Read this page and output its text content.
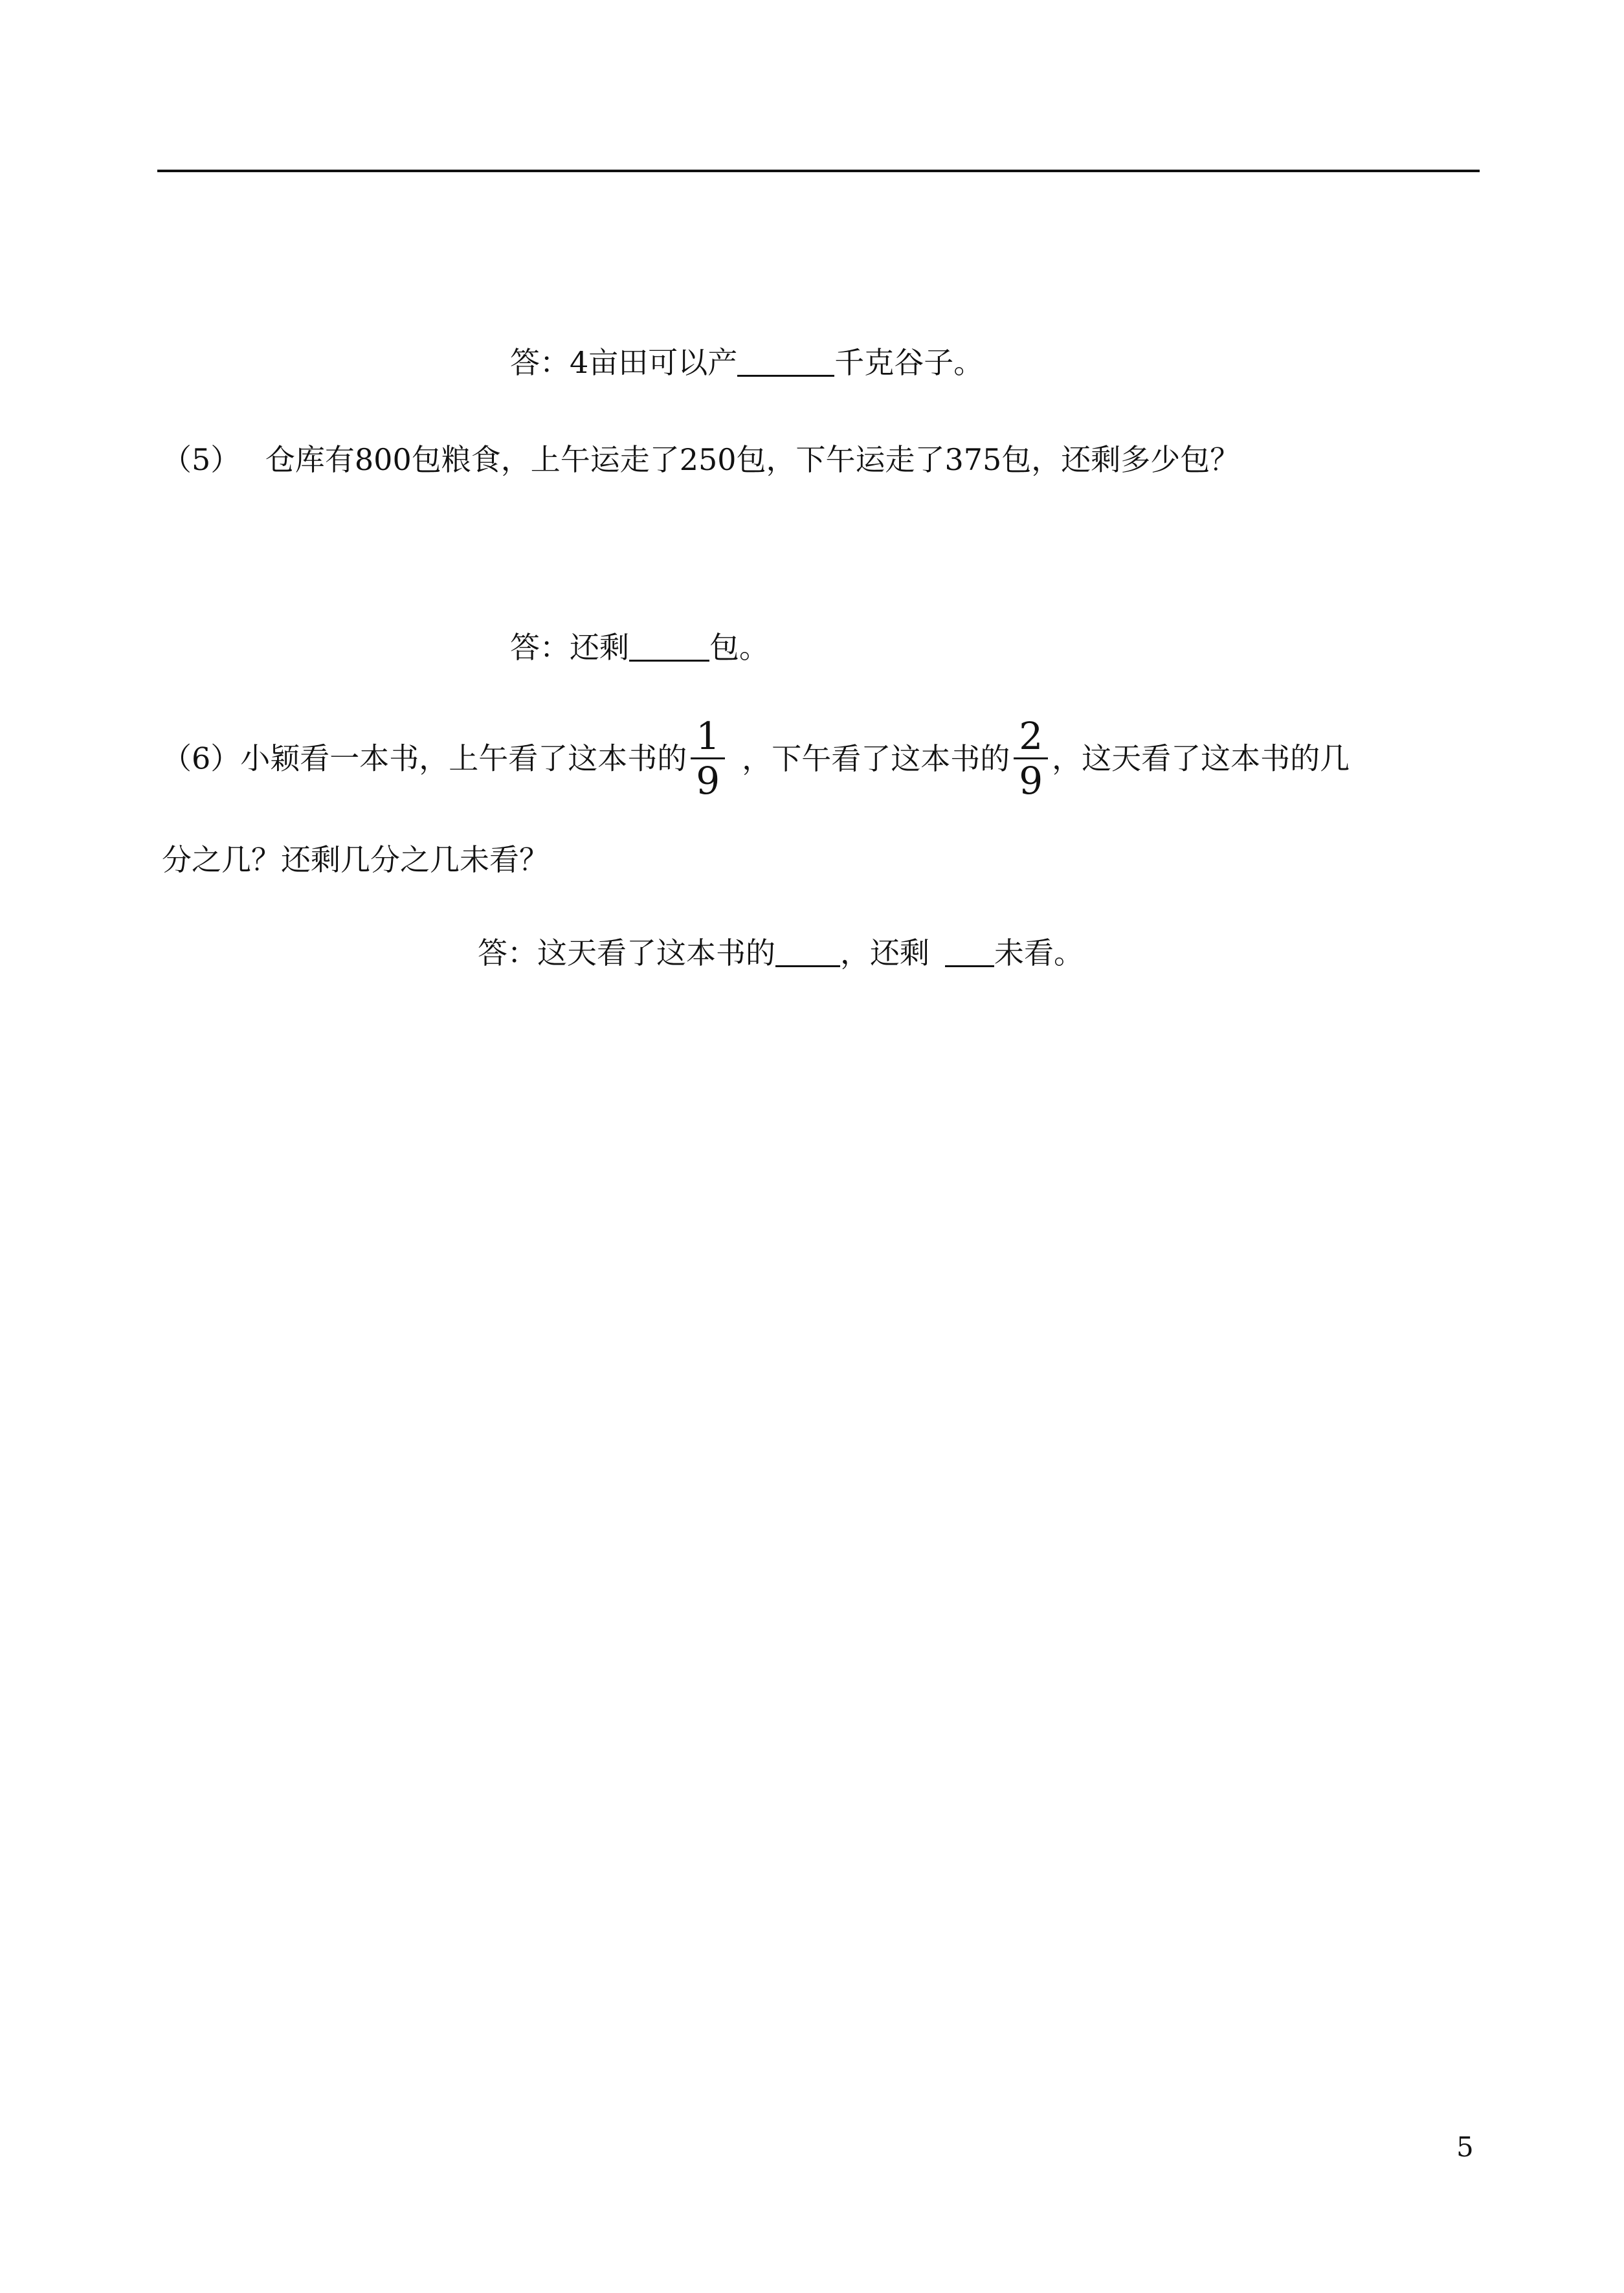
答：4亩田可以产	千克谷子。
（5） 仓库有800包粮食，上午运走了250包，下午运走了375包，还剩多少包？
答：还剩	包。
（6）小颖看一本书，上午看了这本书的 $\frac{1}{9}$ ，下午看了这本书的 $\frac{2}{9}$ ，这天看了这本书的几
分之几？还剩几分之几未看？
答：这天看了这本书的 ，还剩 未看。
5
